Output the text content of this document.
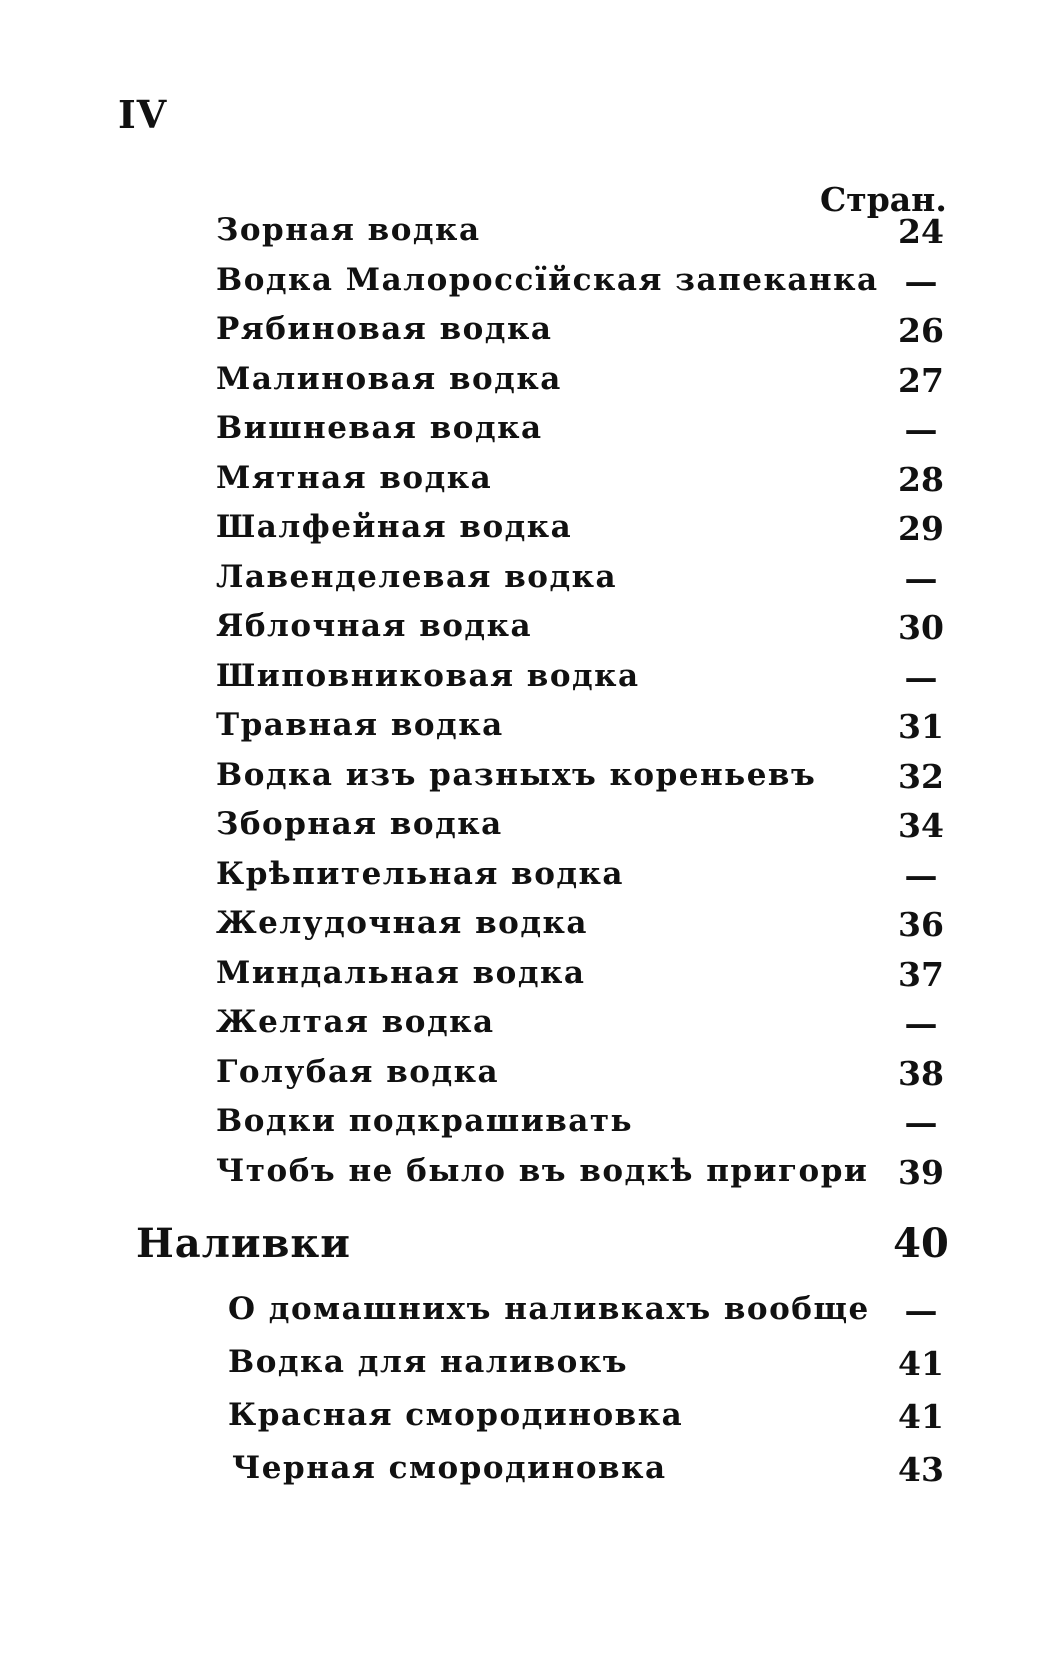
IV
Стран.
Зорная водка	24
Водка Малороссїйская запеканка —
Рябиновая водка	26
Малиновая водка	27
Вишневая водка	—
Мятная водка	28
Шалфейная водка	29
Лавенделевая водка	—
Яблочная водка	30
Шиповниковая водка	—
Травная водка	31
Водка изъ разныхъ кореньевъ	32
Зборная водка	34
Крѣпительная водка	—
Желудочная водка	36
Миндальная водка	37
Желтая водка	—
Голубая водка	38
Водки подкрашивать	—
Чтобъ не было въ водкѣ пригори 39
Наливки	40
О домашнихъ наливкахъ вообще	—
Водка для наливокъ	41
Красная смородиновка	41
Черная смородиновка	43
